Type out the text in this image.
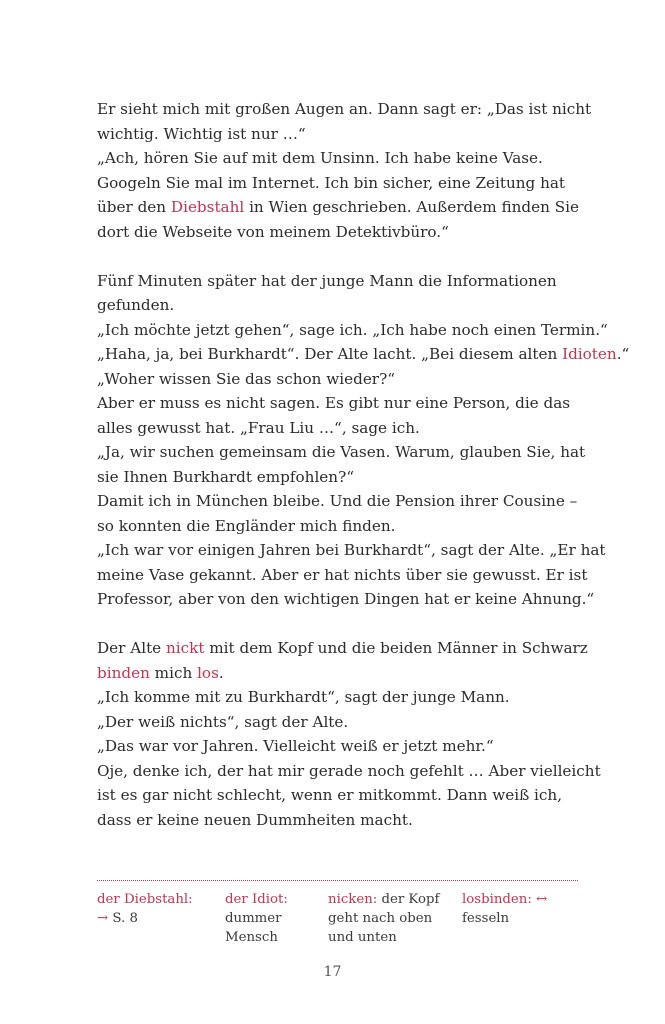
Er sieht mich mit großen Augen an. Dann sagt er: „Das ist nicht
wichtig. Wichtig ist nur …“
„Ach, hören Sie auf mit dem Unsinn. Ich habe keine Vase.
Googeln Sie mal im Internet. Ich bin sicher, eine Zeitung hat
über den Diebstahl in Wien geschrieben. Außerdem finden Sie
dort die Webseite von meinem Detektivbüro.“
Fünf Minuten später hat der junge Mann die Informationen
gefunden.
„Ich möchte jetzt gehen“, sage ich. „Ich habe noch einen Termin.“
„Haha, ja, bei Burkhardt“. Der Alte lacht. „Bei diesem alten Idioten.“
„Woher wissen Sie das schon wieder?“
Aber er muss es nicht sagen. Es gibt nur eine Person, die das
alles gewusst hat. „Frau Liu …“, sage ich.
„Ja, wir suchen gemeinsam die Vasen. Warum, glauben Sie, hat
sie Ihnen Burkhardt empfohlen?“
Damit ich in München bleibe. Und die Pension ihrer Cousine –
so konnten die Engländer mich finden.
„Ich war vor einigen Jahren bei Burkhardt“, sagt der Alte. „Er hat
meine Vase gekannt. Aber er hat nichts über sie gewusst. Er ist
Professor, aber von den wichtigen Dingen hat er keine Ahnung.“
Der Alte nickt mit dem Kopf und die beiden Männer in Schwarz
binden mich los.
„Ich komme mit zu Burkhardt“, sagt der junge Mann.
„Der weiß nichts“, sagt der Alte.
„Das war vor Jahren. Vielleicht weiß er jetzt mehr.“
Oje, denke ich, der hat mir gerade noch gefehlt … Aber vielleicht
ist es gar nicht schlecht, wenn er mitkommt. Dann weiß ich,
dass er keine neuen Dummheiten macht.
der Diebstahl:
→ S. 8
der Idiot:
dummer
Mensch
nicken: der Kopf
geht nach oben
und unten
losbinden: ↔
fesseln
17
